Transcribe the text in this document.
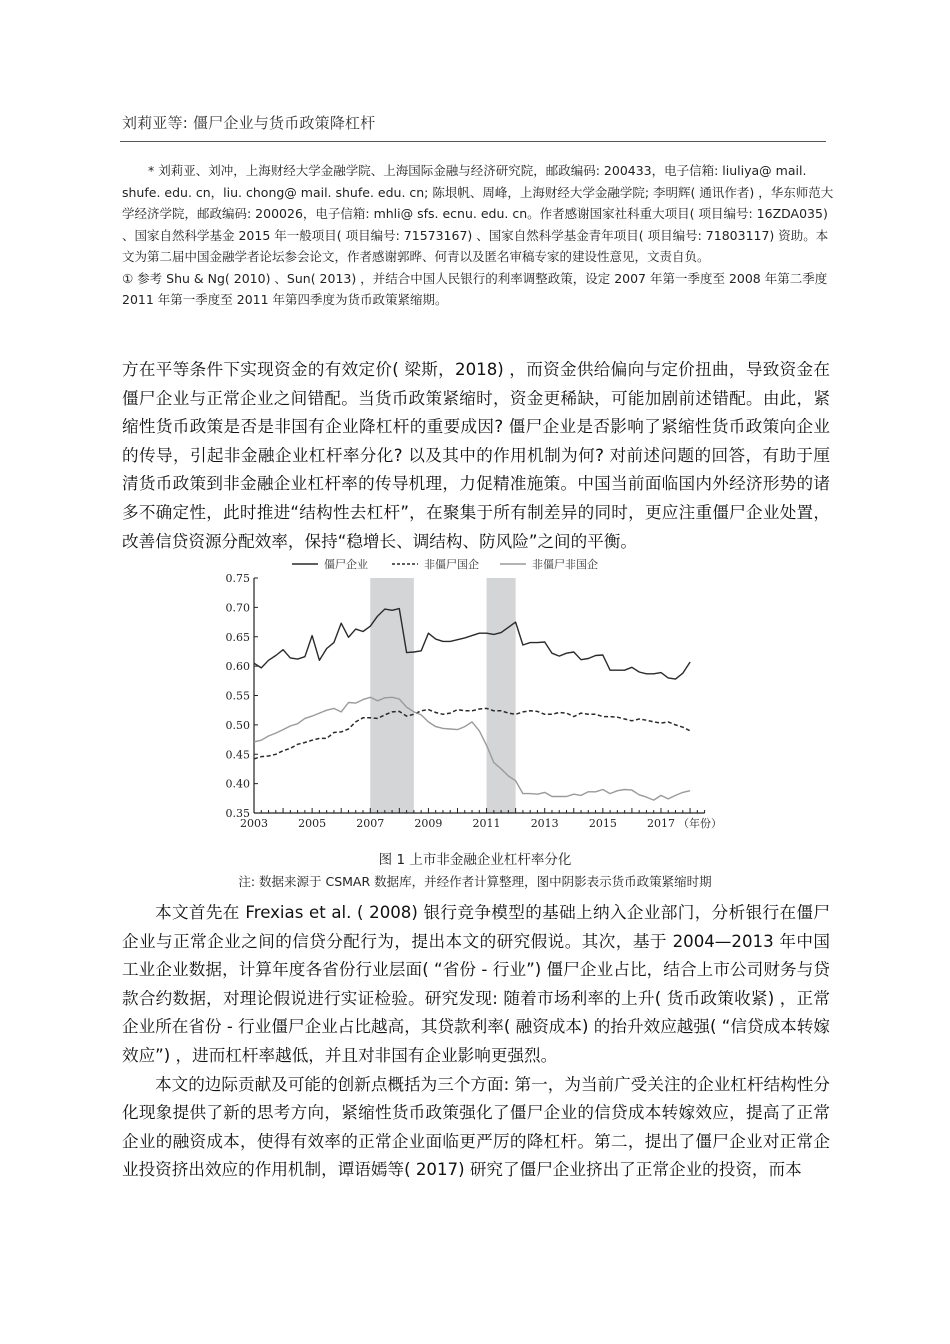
刘莉亚等: 僵尸企业与货币政策降杠杆

* 刘莉亚、刘冲，上海财经大学金融学院、上海国际金融与经济研究院，邮政编码: 200433，电子信箱: liuliya@ mail. shufe. edu. cn，liu. chong@ mail. shufe. edu. cn; 陈垠帆、周峰，上海财经大学金融学院; 李明辉( 通讯作者) ，华东师范大学经济学院，邮政编码: 200026，电子信箱: mhli@ sfs. ecnu. edu. cn。作者感谢国家社科重大项目( 项目编号: 16ZDA035) 、国家自然科学基金 2015 年一般项目( 项目编号: 71573167) 、国家自然科学基金青年项目( 项目编号: 71803117) 资助。本文为第二届中国金融学者论坛参会论文，作者感谢郭晔、何青以及匿名审稿专家的建设性意见，文责自负。

① 参考 Shu & Ng( 2010) 、Sun( 2013) ，并结合中国人民银行的利率调整政策，设定 2007 年第一季度至 2008 年第二季度 2011 年第一季度至 2011 年第四季度为货币政策紧缩期。

方在平等条件下实现资金的有效定价( 梁斯，2018) ，而资金供给偏向与定价扭曲，导致资金在僵尸企业与正常企业之间错配。当货币政策紧缩时，资金更稀缺，可能加剧前述错配。由此，紧缩性货币政策是否是非国有企业降杠杆的重要成因? 僵尸企业是否影响了紧缩性货币政策向企业的传导，引起非金融企业杠杆率分化? 以及其中的作用机制为何? 对前述问题的回答，有助于厘清货币政策到非金融企业杠杆率的传导机理，力促精准施策。中国当前面临国内外经济形势的诸多不确定性，此时推进“结构性去杠杆”，在聚集于所有制差异的同时，更应注重僵尸企业处置，改善信贷资源分配效率，保持“稳增长、调结构、防风险”之间的平衡。

0.35
0.40
0.45
0.50
0.55
0.60
0.65
0.70
0.75
2003	2005	2007	2009	2011	2013	2015	2017 （年份）
僵尸企业	非僵尸国企	非僵尸非国企
图 1 上市非金融企业杠杆率分化
注: 数据来源于 CSMAR 数据库，并经作者计算整理，图中阴影表示货币政策紧缩时期

本文首先在 Frexias et al. ( 2008) 银行竞争模型的基础上纳入企业部门，分析银行在僵尸企业与正常企业之间的信贷分配行为，提出本文的研究假说。其次，基于 2004—2013 年中国工业企业数据，计算年度各省份行业层面( “省份 - 行业”) 僵尸企业占比，结合上市公司财务与贷款合约数据，对理论假说进行实证检验。研究发现: 随着市场利率的上升( 货币政策收紧) ，正常企业所在省份 - 行业僵尸企业占比越高，其贷款利率( 融资成本) 的抬升效应越强( “信贷成本转嫁效应”) ，进而杠杆率越低，并且对非国有企业影响更强烈。

本文的边际贡献及可能的创新点概括为三个方面: 第一，为当前广受关注的企业杠杆结构性分化现象提供了新的思考方向，紧缩性货币政策强化了僵尸企业的信贷成本转嫁效应，提高了正常企业的融资成本，使得有效率的正常企业面临更严厉的降杠杆。第二，提出了僵尸企业对正常企业投资挤出效应的作用机制，谭语嫣等( 2017) 研究了僵尸企业挤出了正常企业的投资，而本
